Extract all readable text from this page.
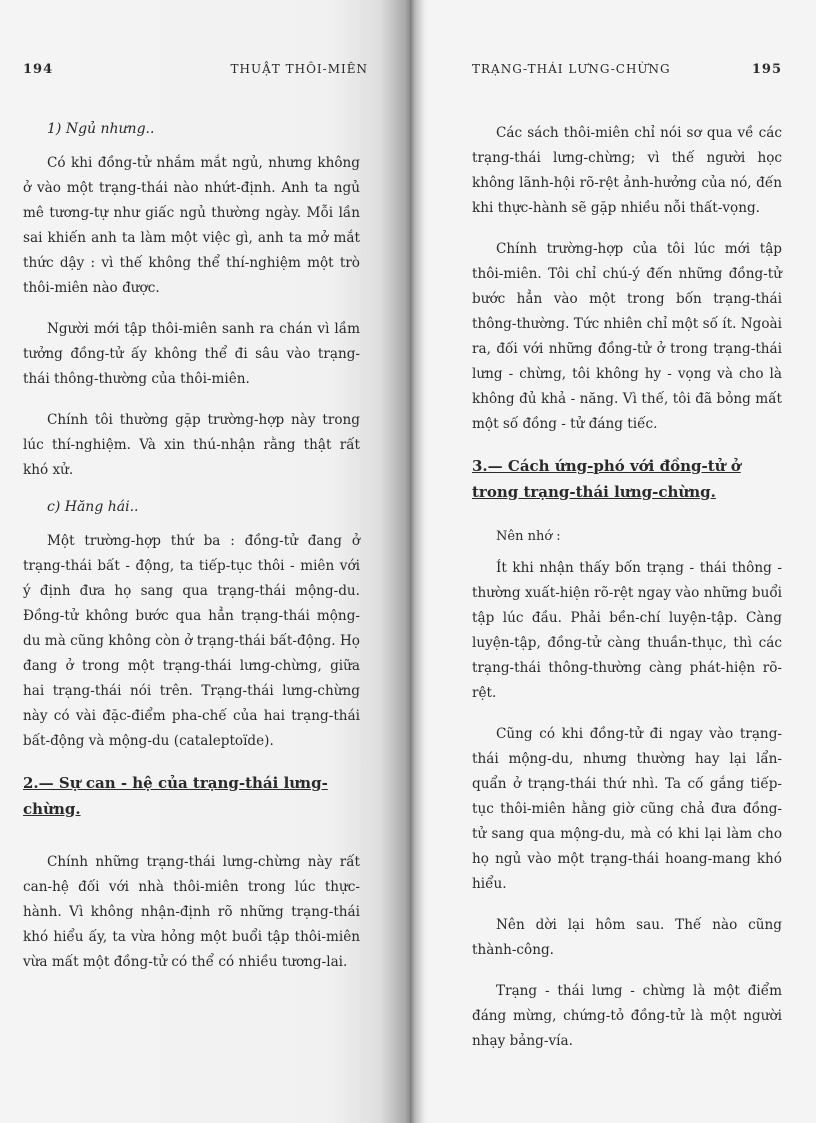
194	THUẬT THÔI-MIÊN
1) Ngủ nhưng..

Có khi đồng-tử nhắm mắt ngủ, nhưng không ở vào một trạng-thái nào nhứt-định. Anh ta ngủ mê tương-tự như giấc ngủ thường ngày. Mỗi lần sai khiến anh ta làm một việc gì, anh ta mở mắt thức dậy : vì thế không thể thí-nghiệm một trò thôi-miên nào được.

Người mới tập thôi-miên sanh ra chán vì lầm tưởng đồng-tử ấy không thể đi sâu vào trạng-thái thông-thường của thôi-miên.

Chính tôi thường gặp trường-hợp này trong lúc thí-nghiệm. Và xin thú-nhận rằng thật rất khó xử.

c) Hăng hái..

Một trường-hợp thứ ba : đồng-tử đang ở trạng-thái bất - động, ta tiếp-tục thôi - miên với ý định đưa họ sang qua trạng-thái mộng-du. Đồng-tử không bước qua hẳn trạng-thái mộng-du mà cũng không còn ở trạng-thái bất-động. Họ đang ở trong một trạng-thái lưng-chừng, giữa hai trạng-thái nói trên. Trạng-thái lưng-chừng này có vài đặc-điểm pha-chế của hai trạng-thái bất-động và mộng-du (cataleptoïde).

2.— Sự can - hệ của trạng-thái lưng-chừng.

Chính những trạng-thái lưng-chừng này rất can-hệ đối với nhà thôi-miên trong lúc thực-hành. Vì không nhận-định rõ những trạng-thái khó hiểu ấy, ta vừa hỏng một buổi tập thôi-miên vừa mất một đồng-tử có thể có nhiều tương-lai.

TRẠNG-THÁI LƯNG-CHỪNG	195

Các sách thôi-miên chỉ nói sơ qua về các trạng-thái lưng-chừng; vì thế người học không lãnh-hội rõ-rệt ảnh-hưởng của nó, đến khi thực-hành sẽ gặp nhiều nỗi thất-vọng.

Chính trường-hợp của tôi lúc mới tập thôi-miên. Tôi chỉ chú-ý đến những đồng-tử bước hẳn vào một trong bốn trạng-thái thông-thường. Tức nhiên chỉ một số ít. Ngoài ra, đối với những đồng-tử ở trong trạng-thái lưng - chừng, tôi không hy - vọng và cho là không đủ khả - năng. Vì thế, tôi đã bỏng mất một số đồng - tử đáng tiếc.

3.— Cách ứng-phó với đồng-tử ở trong trạng-thái lưng-chừng.
Nên nhớ :

Ít khi nhận thấy bốn trạng - thái thông - thường xuất-hiện rõ-rệt ngay vào những buổi tập lúc đầu. Phải bền-chí luyện-tập. Càng luyện-tập, đồng-tử càng thuần-thục, thì các trạng-thái thông-thường càng phát-hiện rõ-rệt.

Cũng có khi đồng-tử đi ngay vào trạng-thái mộng-du, nhưng thường hay lại lẩn-quẩn ở trạng-thái thứ nhì. Ta cố gắng tiếp-tục thôi-miên hằng giờ cũng chả đưa đồng-tử sang qua mộng-du, mà có khi lại làm cho họ ngủ vào một trạng-thái hoang-mang khó hiểu.

Nên dời lại hôm sau. Thế nào cũng thành-công.

Trạng - thái lưng - chừng là một điểm đáng mừng, chứng-tỏ đồng-tử là một người nhạy bảng-vía.
